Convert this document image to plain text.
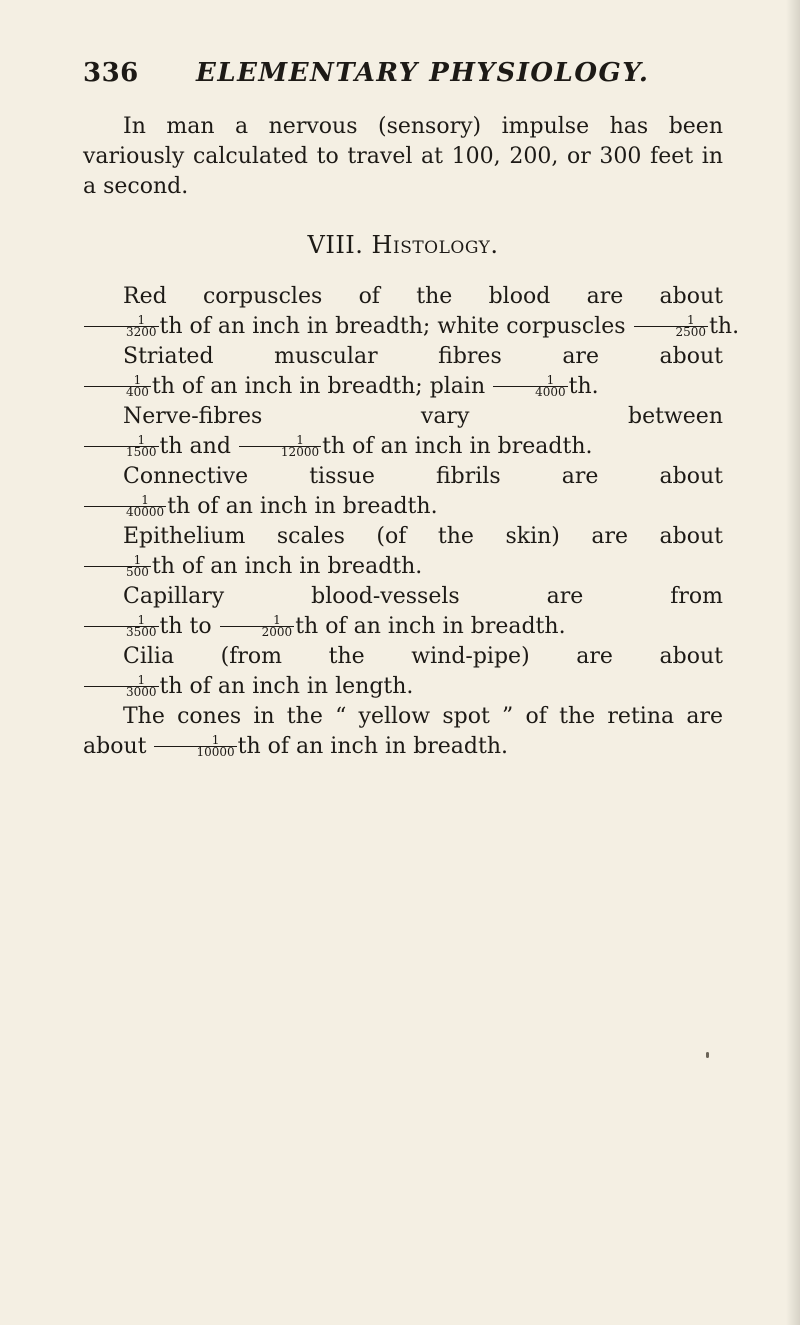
336 ELEMENTARY PHYSIOLOGY.

In man a nervous (sensory) impulse has been variously calculated to travel at 100, 200, or 300 feet in a second.

VIII. Histology.

Red corpuscles of the blood are about
$\frac{1}{3200}$ th of an inch in breadth; white corpuscles $\frac{1}{2500}$ th.

Striated muscular fibres are about
$\frac{1}{400}$ th of an inch in breadth; plain $\frac{1}{4000}$ th.

Nerve-fibres vary between
$\frac{1}{1500}$ th and $\frac{1}{12000}$ th of an inch in breadth.

Connective tissue fibrils are about
$\frac{1}{40000}$ th of an inch in breadth.

Epithelium scales (of the skin) are about
$\frac{1}{500}$ th of an inch in breadth.

Capillary blood-vessels are from
$\frac{1}{3500}$ th to $\frac{1}{2000}$ th of an inch in breadth.

Cilia (from the wind-pipe) are about
$\frac{1}{3000}$ th of an inch in length.

The cones in the “ yellow spot ” of the retina are about $\frac{1}{10000}$ th of an inch in breadth.
